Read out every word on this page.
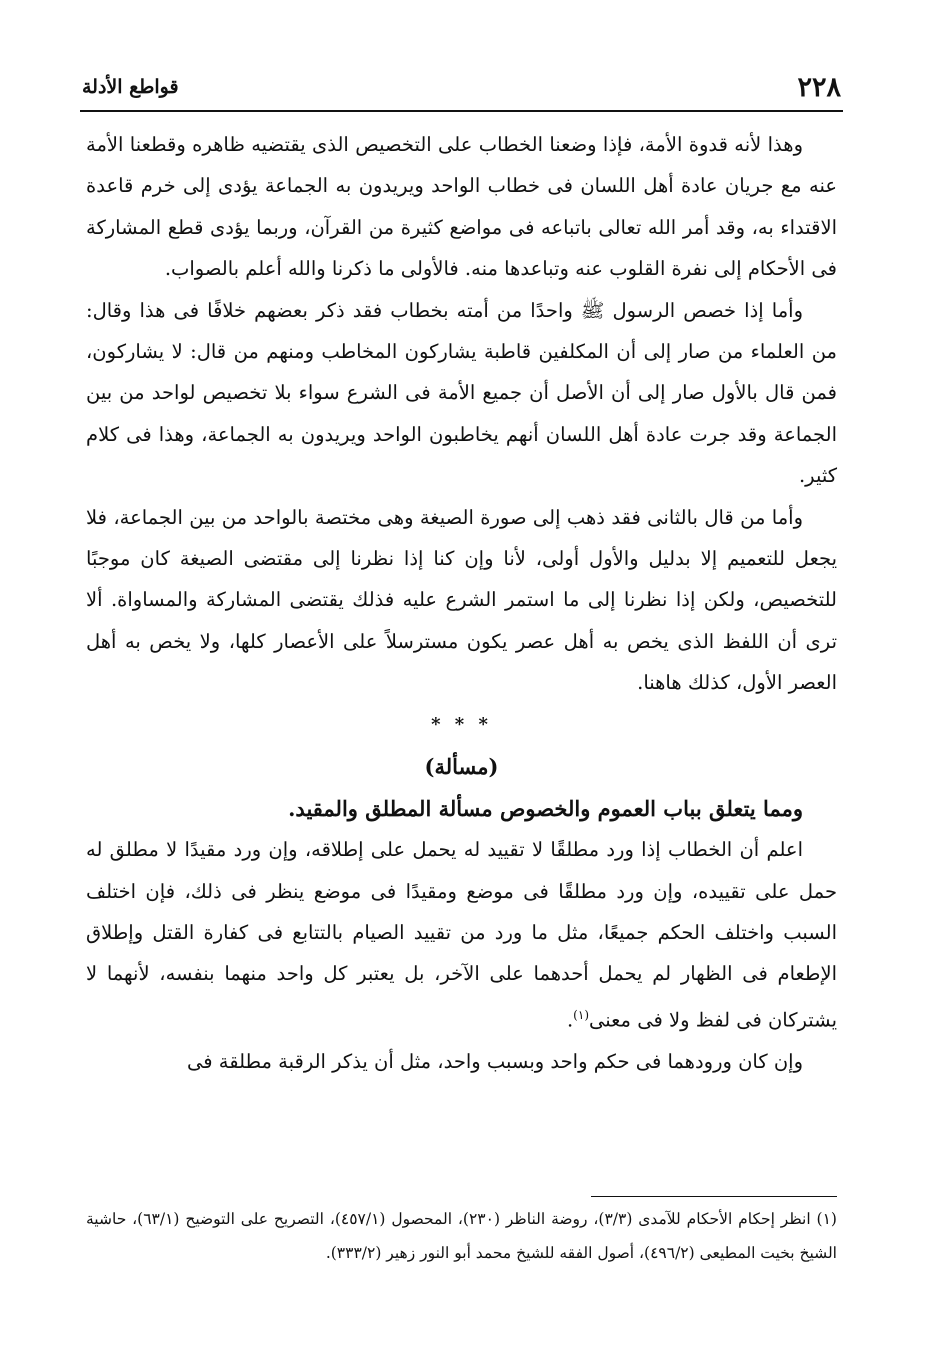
٢٢٨
قواطع الأدلة

وهذا لأنه قدوة الأمة، فإذا وضعنا الخطاب على التخصيص الذى يقتضيه ظاهره وقطعنا الأمة عنه مع جريان عادة أهل اللسان فى خطاب الواحد ويريدون به الجماعة يؤدى إلى خرم قاعدة الاقتداء به، وقد أمر الله تعالى باتباعه فى مواضع كثيرة من القرآن، وربما يؤدى قطع المشاركة فى الأحكام إلى نفرة القلوب عنه وتباعدها منه. فالأولى ما ذكرنا والله أعلم بالصواب.

وأما إذا خصص الرسول ﷺ واحدًا من أمته بخطاب فقد ذكر بعضهم خلافًا فى هذا وقال: من العلماء من صار إلى أن المكلفين قاطبة يشاركون المخاطب ومنهم من قال: لا يشاركون، فمن قال بالأول صار إلى أن الأصل أن جميع الأمة فى الشرع سواء بلا تخصيص لواحد من بين الجماعة وقد جرت عادة أهل اللسان أنهم يخاطبون الواحد ويريدون به الجماعة، وهذا فى كلام كثير.

وأما من قال بالثانى فقد ذهب إلى صورة الصيغة وهى مختصة بالواحد من بين الجماعة، فلا يجعل للتعميم إلا بدليل والأول أولى، لأنا وإن كنا إذا نظرنا إلى مقتضى الصيغة كان موجبًا للتخصيص، ولكن إذا نظرنا إلى ما استمر الشرع عليه فذلك يقتضى المشاركة والمساواة. ألا ترى أن اللفظ الذى يخص به أهل عصر يكون مسترسلاً على الأعصار كلها، ولا يخص به أهل العصر الأول، كذلك هاهنا.

* * *

(مسألة)

ومما يتعلق بباب العموم والخصوص مسألة المطلق والمقيد.

اعلم أن الخطاب إذا ورد مطلقًا لا تقييد له يحمل على إطلاقه، وإن ورد مقيدًا لا مطلق له حمل على تقييده، وإن ورد مطلقًا فى موضع ومقيدًا فى موضع ينظر فى ذلك، فإن اختلف السبب واختلف الحكم جميعًا، مثل ما ورد من تقييد الصيام بالتتابع فى كفارة القتل وإطلاق الإطعام فى الظهار لم يحمل أحدهما على الآخر، بل يعتبر كل واحد منهما بنفسه، لأنهما لا يشتركان فى لفظ ولا فى معنى$^{(١)}$.

وإن كان ورودهما فى حكم واحد وبسبب واحد، مثل أن يذكر الرقبة مطلقة فى

(١) انظر إحكام الأحكام للآمدى (٣/٣)، روضة الناظر (٢٣٠)، المحصول (٤٥٧/١)، التصريح على التوضيح (٦٣/١)، حاشية الشيخ بخيت المطيعى (٤٩٦/٢)، أصول الفقه للشيخ محمد أبو النور زهير (٣٣٣/٢).
